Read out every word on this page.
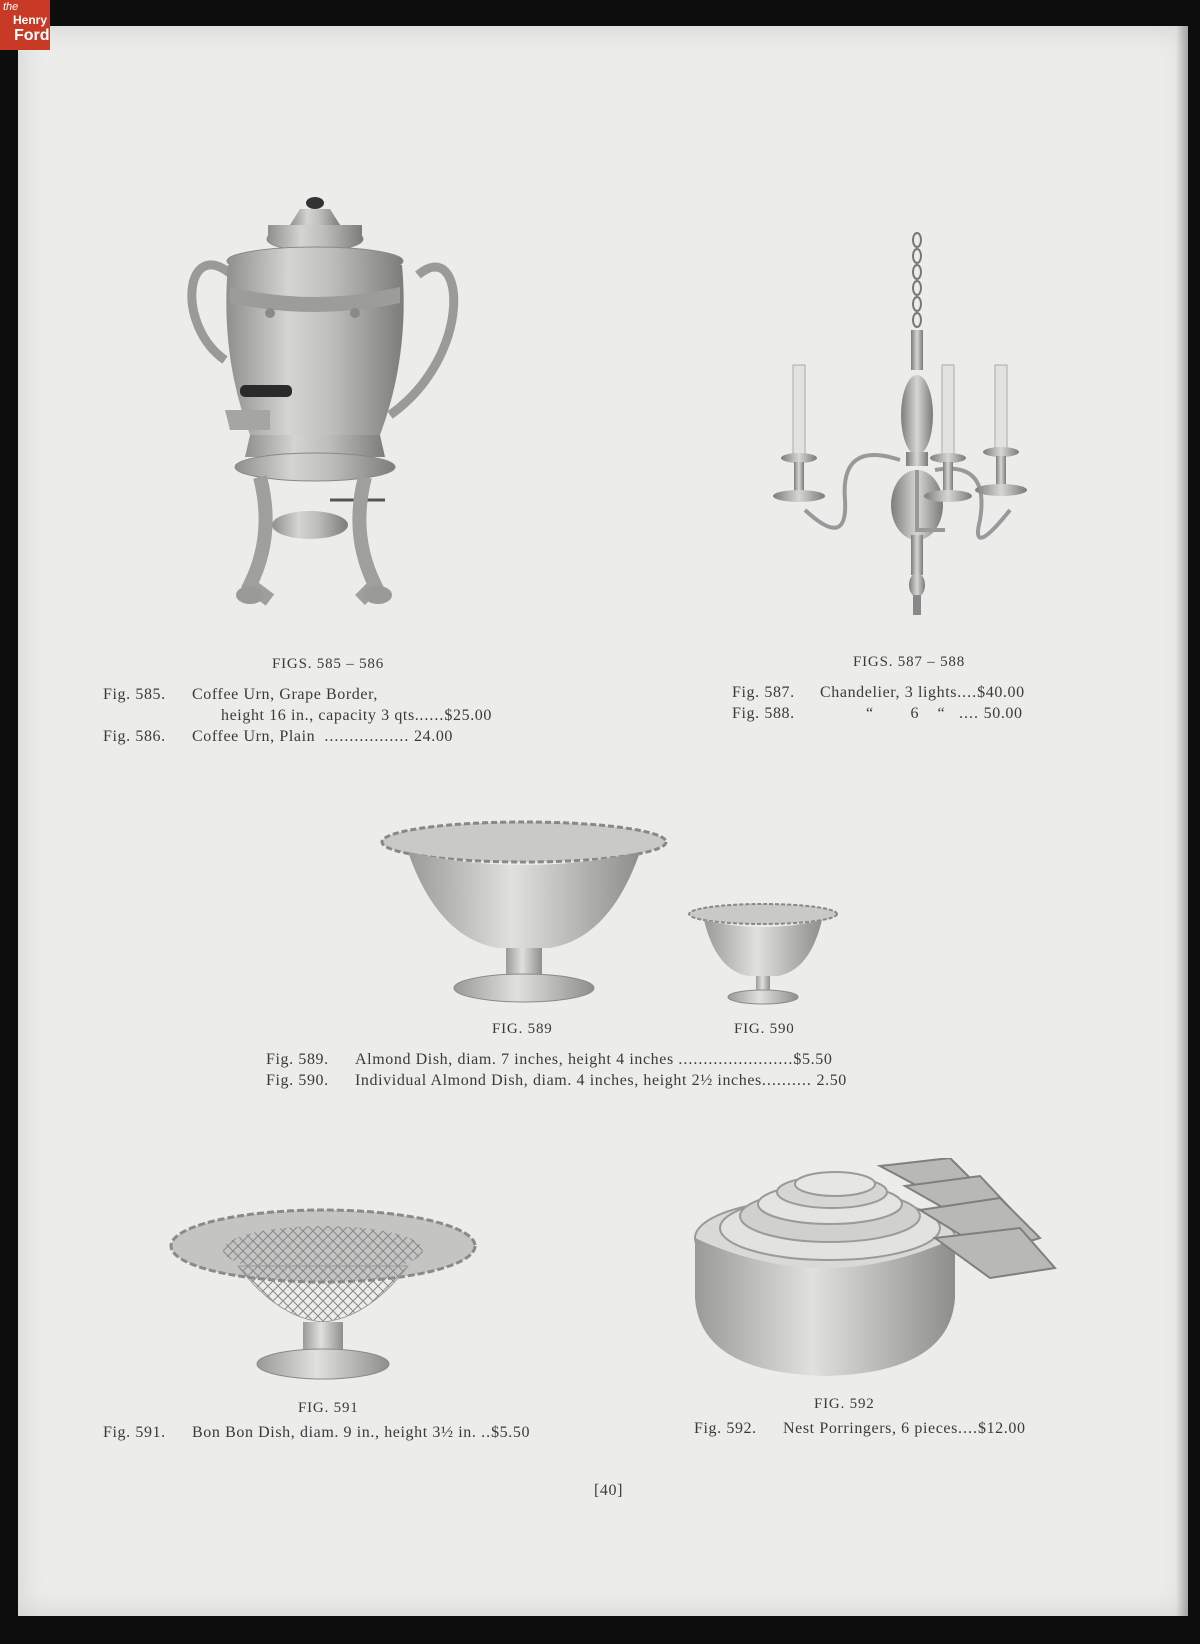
the
Henry
Ford
FIGS. 585 – 586	FIGS. 587 – 588
Fig. 585. Coffee Urn, Grape Border,
height 16 in., capacity 3 qts......$25.00
Fig. 586. Coffee Urn, Plain ................. 24.00
Fig. 587. Chandelier, 3 lights....$40.00
Fig. 588.	“        6    “ .... 50.00
FIG. 589	FIG. 590
Fig. 589. Almond Dish, diam. 7 inches, height 4 inches .......................$5.50
Fig. 590. Individual Almond Dish, diam. 4 inches, height 2½ inches.......... 2.50
FIG. 591	FIG. 592
Fig. 591. Bon Bon Dish, diam. 9 in., height 3½ in. ..$5.50	Fig. 592. Nest Porringers, 6 pieces....$12.00
[40]
